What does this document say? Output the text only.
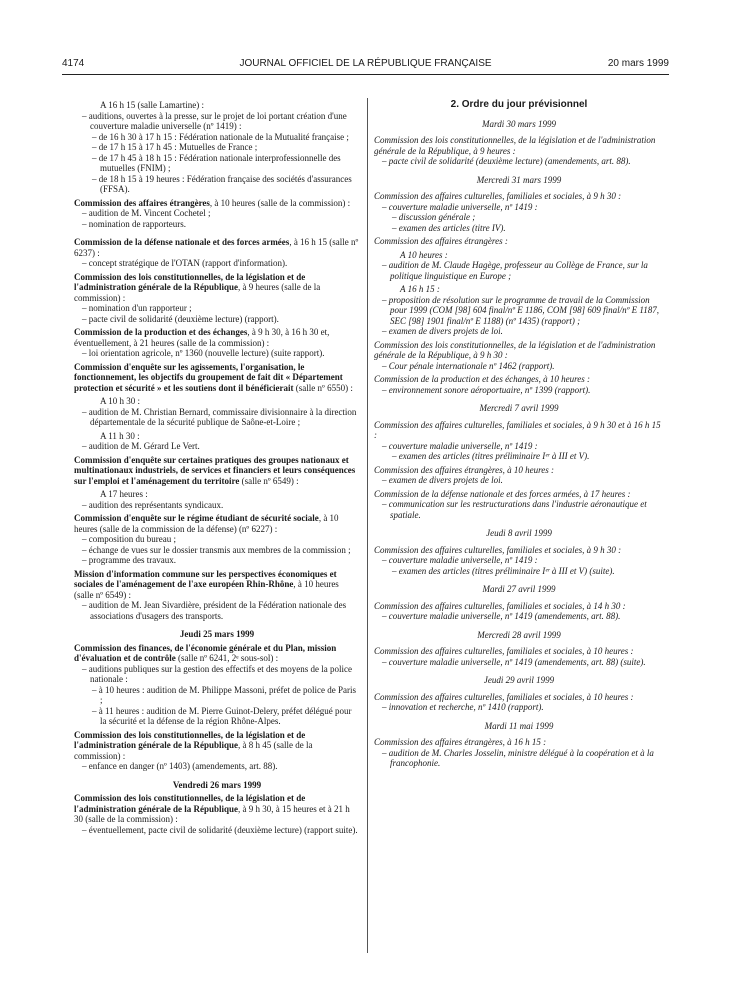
4174	JOURNAL OFFICIEL DE LA RÉPUBLIQUE FRANÇAISE	20 mars 1999

A 16 h 15 (salle Lamartine) :

– auditions, ouvertes à la presse, sur le projet de loi portant création d'une couverture maladie universelle (nº 1419) :

– de 16 h 30 à 17 h 15 : Fédération nationale de la Mutualité française ;

– de 17 h 15 à 17 h 45 : Mutuelles de France ;

– de 17 h 45 à 18 h 15 : Fédération nationale interprofessionnelle des mutuelles (FNIM) ;

– de 18 h 15 à 19 heures : Fédération française des sociétés d'assurances (FFSA).

Commission des affaires étrangères, à 10 heures (salle de la commission) :

– audition de M. Vincent Cochetel ;

– nomination de rapporteurs.

Commission de la défense nationale et des forces armées, à 16 h 15 (salle nº 6237) :

– concept stratégique de l'OTAN (rapport d'information).

Commission des lois constitutionnelles, de la législation et de l'administration générale de la République, à 9 heures (salle de la commission) :

– nomination d'un rapporteur ;

– pacte civil de solidarité (deuxième lecture) (rapport).

Commission de la production et des échanges, à 9 h 30, à 16 h 30 et, éventuellement, à 21 heures (salle de la commission) :

– loi orientation agricole, nº 1360 (nouvelle lecture) (suite rapport).

Commission d'enquête sur les agissements, l'organisation, le fonctionnement, les objectifs du groupement de fait dit « Département protection et sécurité » et les soutiens dont il bénéficierait (salle nº 6550) :

A 10 h 30 :

– audition de M. Christian Bernard, commissaire divisionnaire à la direction départementale de la sécurité publique de Saône-et-Loire ;

A 11 h 30 :

– audition de M. Gérard Le Vert.

Commission d'enquête sur certaines pratiques des groupes nationaux et multinationaux industriels, de services et financiers et leurs conséquences sur l'emploi et l'aménagement du territoire (salle nº 6549) :

A 17 heures :

– audition des représentants syndicaux.

Commission d'enquête sur le régime étudiant de sécurité sociale, à 10 heures (salle de la commission de la défense) (nº 6227) :

– composition du bureau ;

– échange de vues sur le dossier transmis aux membres de la commission ;

– programme des travaux.

Mission d'information commune sur les perspectives économiques et sociales de l'aménagement de l'axe européen Rhin-Rhône, à 10 heures (salle nº 6549) :

– audition de M. Jean Sivardière, président de la Fédération nationale des associations d'usagers des transports.

Jeudi 25 mars 1999

Commission des finances, de l'économie générale et du Plan, mission d'évaluation et de contrôle (salle nº 6241, 2ᵉ sous-sol) :

– auditions publiques sur la gestion des effectifs et des moyens de la police nationale :

– à 10 heures : audition de M. Philippe Massoni, préfet de police de Paris ;

– à 11 heures : audition de M. Pierre Guinot-Delery, préfet délégué pour la sécurité et la défense de la région Rhône-Alpes.

Commission des lois constitutionnelles, de la législation et de l'administration générale de la République, à 8 h 45 (salle de la commission) :

– enfance en danger (nº 1403) (amendements, art. 88).

Vendredi 26 mars 1999

Commission des lois constitutionnelles, de la législation et de l'administration générale de la République, à 9 h 30, à 15 heures et à 21 h 30 (salle de la commission) :

– éventuellement, pacte civil de solidarité (deuxième lecture) (rapport suite).

2. Ordre du jour prévisionnel

Mardi 30 mars 1999

Commission des lois constitutionnelles, de la législation et de l'administration générale de la République, à 9 heures :

– pacte civil de solidarité (deuxième lecture) (amendements, art. 88).

Mercredi 31 mars 1999

Commission des affaires culturelles, familiales et sociales, à 9 h 30 :

– couverture maladie universelle, nº 1419 :

– discussion générale ;

– examen des articles (titre IV).

Commission des affaires étrangères :

A 10 heures :

– audition de M. Claude Hagège, professeur au Collège de France, sur la politique linguistique en Europe ;

A 16 h 15 :

– proposition de résolution sur le programme de travail de la Commission pour 1999 (COM [98] 604 final/nº E 1186, COM [98] 609 final/nº E 1187, SEC [98] 1901 final/nº E 1188) (nº 1435) (rapport) ;

– examen de divers projets de loi.

Commission des lois constitutionnelles, de la législation et de l'administration générale de la République, à 9 h 30 :

– Cour pénale internationale nº 1462 (rapport).

Commission de la production et des échanges, à 10 heures :

– environnement sonore aéroportuaire, nº 1399 (rapport).

Mercredi 7 avril 1999

Commission des affaires culturelles, familiales et sociales, à 9 h 30 et à 16 h 15 :

– couverture maladie universelle, nº 1419 :

– examen des articles (titres préliminaire Iᵉʳ à III et V).

Commission des affaires étrangères, à 10 heures :

– examen de divers projets de loi.

Commission de la défense nationale et des forces armées, à 17 heures :

– communication sur les restructurations dans l'industrie aéronautique et spatiale.

Jeudi 8 avril 1999

Commission des affaires culturelles, familiales et sociales, à 9 h 30 :

– couverture maladie universelle, nº 1419 :

– examen des articles (titres préliminaire Iᵉʳ à III et V) (suite).

Mardi 27 avril 1999

Commission des affaires culturelles, familiales et sociales, à 14 h 30 :

– couverture maladie universelle, nº 1419 (amendements, art. 88).

Mercredi 28 avril 1999

Commission des affaires culturelles, familiales et sociales, à 10 heures :

– couverture maladie universelle, nº 1419 (amendements, art. 88) (suite).

Jeudi 29 avril 1999

Commission des affaires culturelles, familiales et sociales, à 10 heures :

– innovation et recherche, nº 1410 (rapport).

Mardi 11 mai 1999

Commission des affaires étrangères, à 16 h 15 :

– audition de M. Charles Josselin, ministre délégué à la coopération et à la francophonie.
